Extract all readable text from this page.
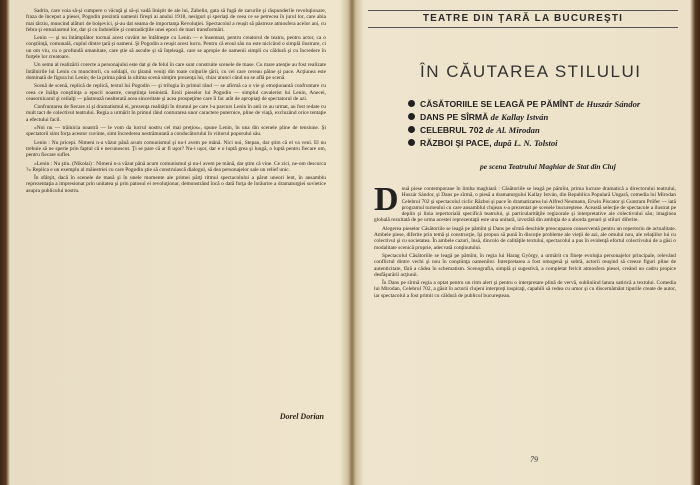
Sadrin, care voia să-şi cumpere o văcuţă şi să-şi vadă liniştit de ale lui, Zabelin, gata să fugă de zarurile şi răspunderile revoluţionare, fraza de început a piesei, Pogodin prezintă oamenii fireşti ai anului 1918, nesiguri şi speriaţi de ceea ce se petrecea în jurul lor, care abia mai târziu, muncind alături de bolşevici, şi-au dat seama de importanţa Revoluţiei. Spectacolul a reuşit să păstreze atmosfera acelor ani, cu febra şi entuziasmul lor, dar şi cu îndoielile şi contradicţiile unei epoci de mari transformări.

Lenin — şi nu întâmplător tocmai acest cuvânt ne întâlneşte cu Lenin — e însemnat, pentru creatorul de teatru, pentru actor, ca o conştiinţă, comunală, cuplul dintre ţară şi oameni. Şi Pogodin a reuşit acest lucru. Pentru că eroul său nu este nicicând o simplă ilustrare, ci un om viu, cu o profundă umanitate, care ştie să asculte şi să înţeleagă, care se apropie de oamenii simpli cu căldură şi cu încredere în forţele lor creatoare.

Un semn al realizării corecte a personajului este dat şi de felul în care sunt construite scenele de mase. Cu mare atenţie au fost realizate întâlnirile lui Lenin cu muncitorii, cu soldaţii, cu ţăranii veniţi din toate colţurile ţării, cu cei care cereau pâine şi pace. Acţiunea este dominată de figura lui Lenin; de la prima până la ultima scenă simţim prezenţa lui, chiar atunci când nu se află pe scenă.

Scenă de scenă, replică de replică, textul lui Pogodin — şi trilogia în primul rând — se afirmă ca o vie şi emoţionantă confruntare cu ceea ce înălţa conştiinţa a epocii noastre, conştiinţa leninistă. Eroii pieselor lui Pogodin — simplul cavalerist lui Lenin, Anecei, ceasornicarul şi ceilalţi — păstrează nealterată acea sinceritate şi acea prospeţime care îi fac atât de apropiaţi de spectatorul de azi.

Confruntarea de fiecare zi şi dramatismul ei, prezenţa realităţii în drumul pe care l-a parcurs Lenin în anii ce au urmat, au fost redate cu mult tact de colectivul teatrului. Regia a urmărit în primul rând conturarea unor caractere puternice, pline de viaţă, excluzând orice tentaţie a efectului facil.

«Noi nu — trăinicia noastră — le vom da lucrul nostru cel mai preţios», spune Lenin, în una din scenele pline de tensiune. Şi spectatorii simt forţa acestor cuvinte, simt încrederea nestrămutată a conducătorului în viitorul poporului său.

Lenin : Nu pricepi. Nimeni n-a văzut până acum comunismul şi nu-l avem pe mână. Nici noi, Stepan, dar ştim că el va veni. El nu trebuie să ne sperie prin faptul că e necunoscut. Ţi se pare că ar fi uşor? Nu-i uşor, dar e o luptă grea şi lungă, o luptă pentru fiecare om, pentru fiecare suflet.

«Lenin : Nu ştiu. (Nikolai) : Nimeni n-a văzut până acum comunismul şi nu-l avem pe mână, dar ştim că vine. Ce zici, ne-om descurca ?» Replica e un exemplu al măiestriei cu care Pogodin ştie să construiască dialogul, să dea personajelor sale un relief unic.

În sfârşit, dacă în scenele de masă şi în unele momente ale primei părţi ritmul spectacolului a părut uneori lent, în ansamblu reprezentaţia a impresionat prin unitatea şi prin patosul ei revoluţionar, demonstrând încă o dată forţa de înrâurire a dramaturgiei sovietice asupra publicului nostru.

Dorel Dorian
TEATRE DIN ŢARĂ LA BUCUREŞTI
ÎN CĂUTAREA STILULUI
CĂSĂTORIILE SE LEAGĂ PE PĂMÎNT de Huszár Sándor
DANS PE SÎRMĂ de Kallay István
CELEBRUL 702 de Al. Mirodan
RĂZBOI ŞI PACE, după L. N. Tolstoi
pe scena Teatrului Maghiar de Stat din Cluj

Două piese contemporane în limba maghiară : Căsătoriile se leagă pe pămînt, prima lucrare dramatică a directorului teatrului, Huszár Sándor, şi Dans pe sîrmă, o piesă a dramaturgului Kallay István, din Republica Populară Ungară, comedia lui Mirodan Celebrul 702 şi spectacolul ciclic Război şi pace în dramatizarea lui Alfred Neumann, Erwin Piscator şi Guntram Prüfer — iată programul turneului cu care ansamblul clujean s-a prezentat pe scenele bucureştene. Această selecţie de spectacole a ilustrat pe deplin şi linia repertorială specifică teatrului, şi particularităţile regizorale şi interpretative ale colectivului său; imaginea globală rezultată de pe urma acestei reprezentaţii este una unitară, izvorâtă din ambiţia de a aborda genuri şi stiluri diferite.

Alegerea pieselor Căsătoriile se leagă pe pămînt şi Dans pe sîrmă deschide preocuparea consecventă pentru un repertoriu de actualitate. Ambele piese, diferite prin temă şi construcţie, îşi propun să pună în discuţie probleme ale vieţii de azi, ale omului nou, ale relaţiilor lui cu colectivul şi cu societatea. În ambele cazuri, însă, dincolo de calităţile textului, spectacolul a pus în evidenţă efortul colectivului de a găsi o modalitate scenică proprie, adecvată conţinutului.

Spectacolul Căsătoriile se leagă pe pămînt, în regia lui Harag György, a urmărit cu fineţe evoluţia personajelor principale, relevând conflictul dintre vechi şi nou în conştiinţa oamenilor. Interpretarea a fost omogenă şi sobră, actorii reuşind să creeze figuri pline de autenticitate, fără a cădea în schematism. Scenografia, simplă şi sugestivă, a completat fericit atmosfera piesei, creând un cadru propice desfăşurării acţiunii.

În Dans pe sîrmă regia a optat pentru un ritm alert şi pentru o interpretare plină de vervă, subliniind latura satirică a textului. Comedia lui Mirodan, Celebrul 702, a găsit în actorii clujeni interpreţi inspiraţi, capabili să redea cu umor şi cu discernământ tipurile create de autor, iar spectacolul a fost primit cu căldură de publicul bucureştean.

79
